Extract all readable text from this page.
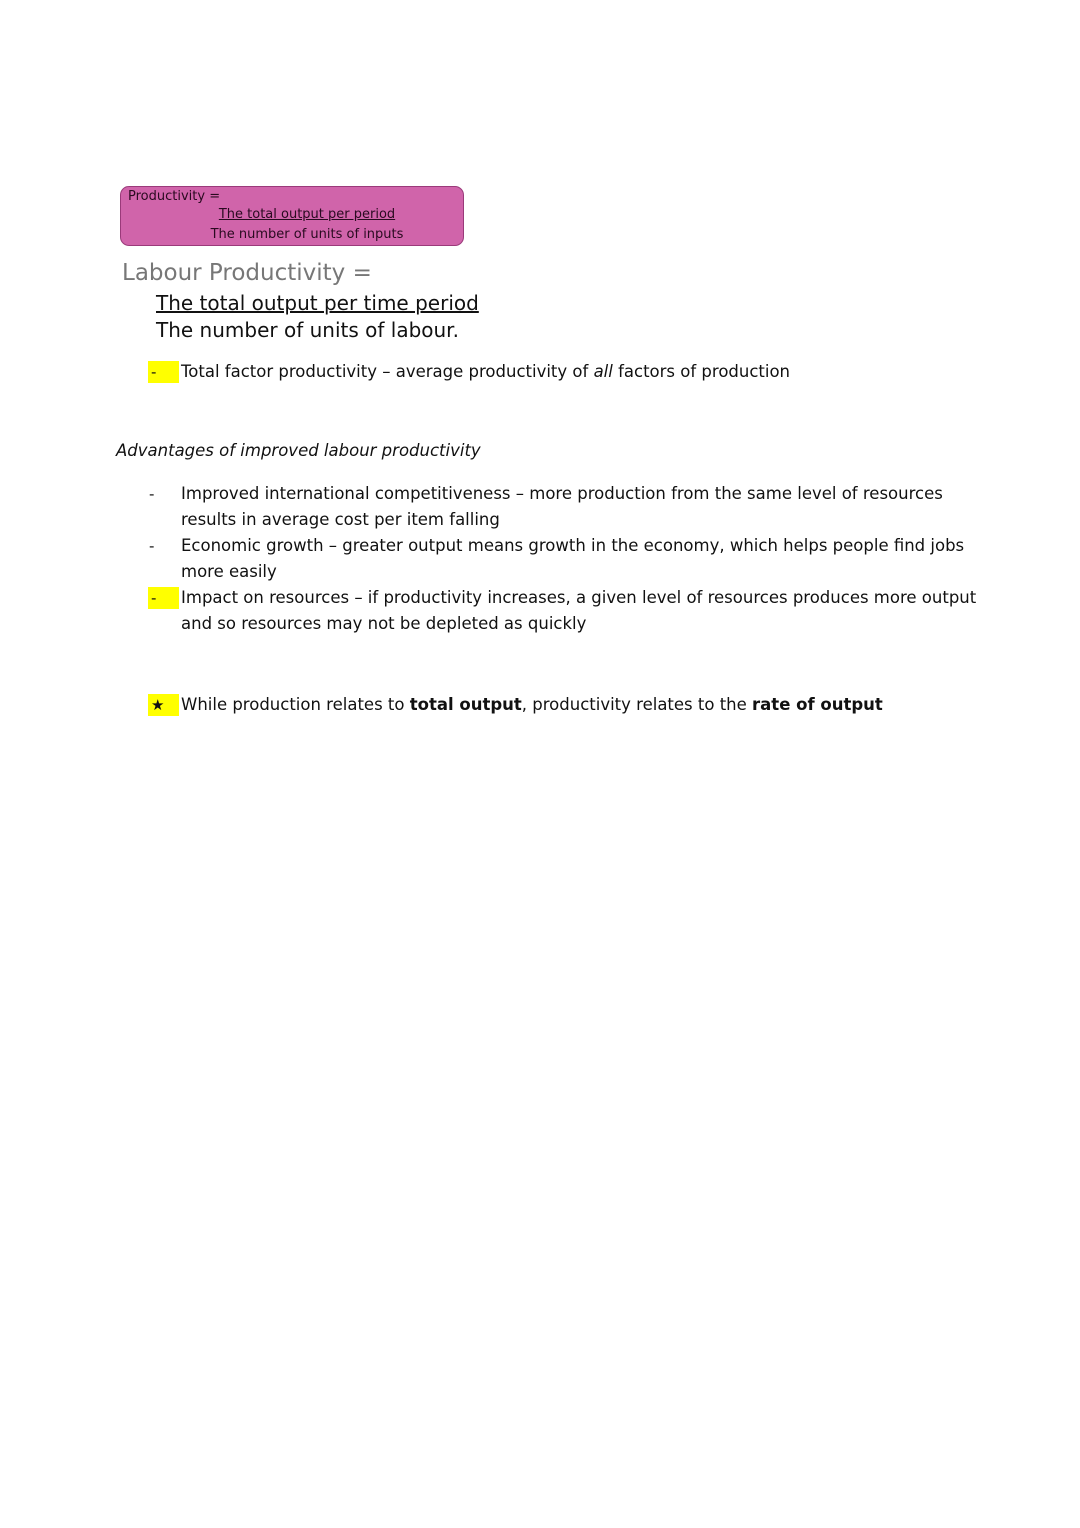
Productivity =
The total output per period
The number of units of inputs
Labour Productivity =
The total output per time period
The number of units of labour.
-	Total factor productivity – average productivity of all factors of production
Advantages of improved labour productivity
-	Improved international competitiveness – more production from the same level of resources
results in average cost per item falling
-	Economic growth – greater output means growth in the economy, which helps people find jobs
more easily
-	Impact on resources – if productivity increases, a given level of resources produces more output
and so resources may not be depleted as quickly
★	While production relates to total output, productivity relates to the rate of output
